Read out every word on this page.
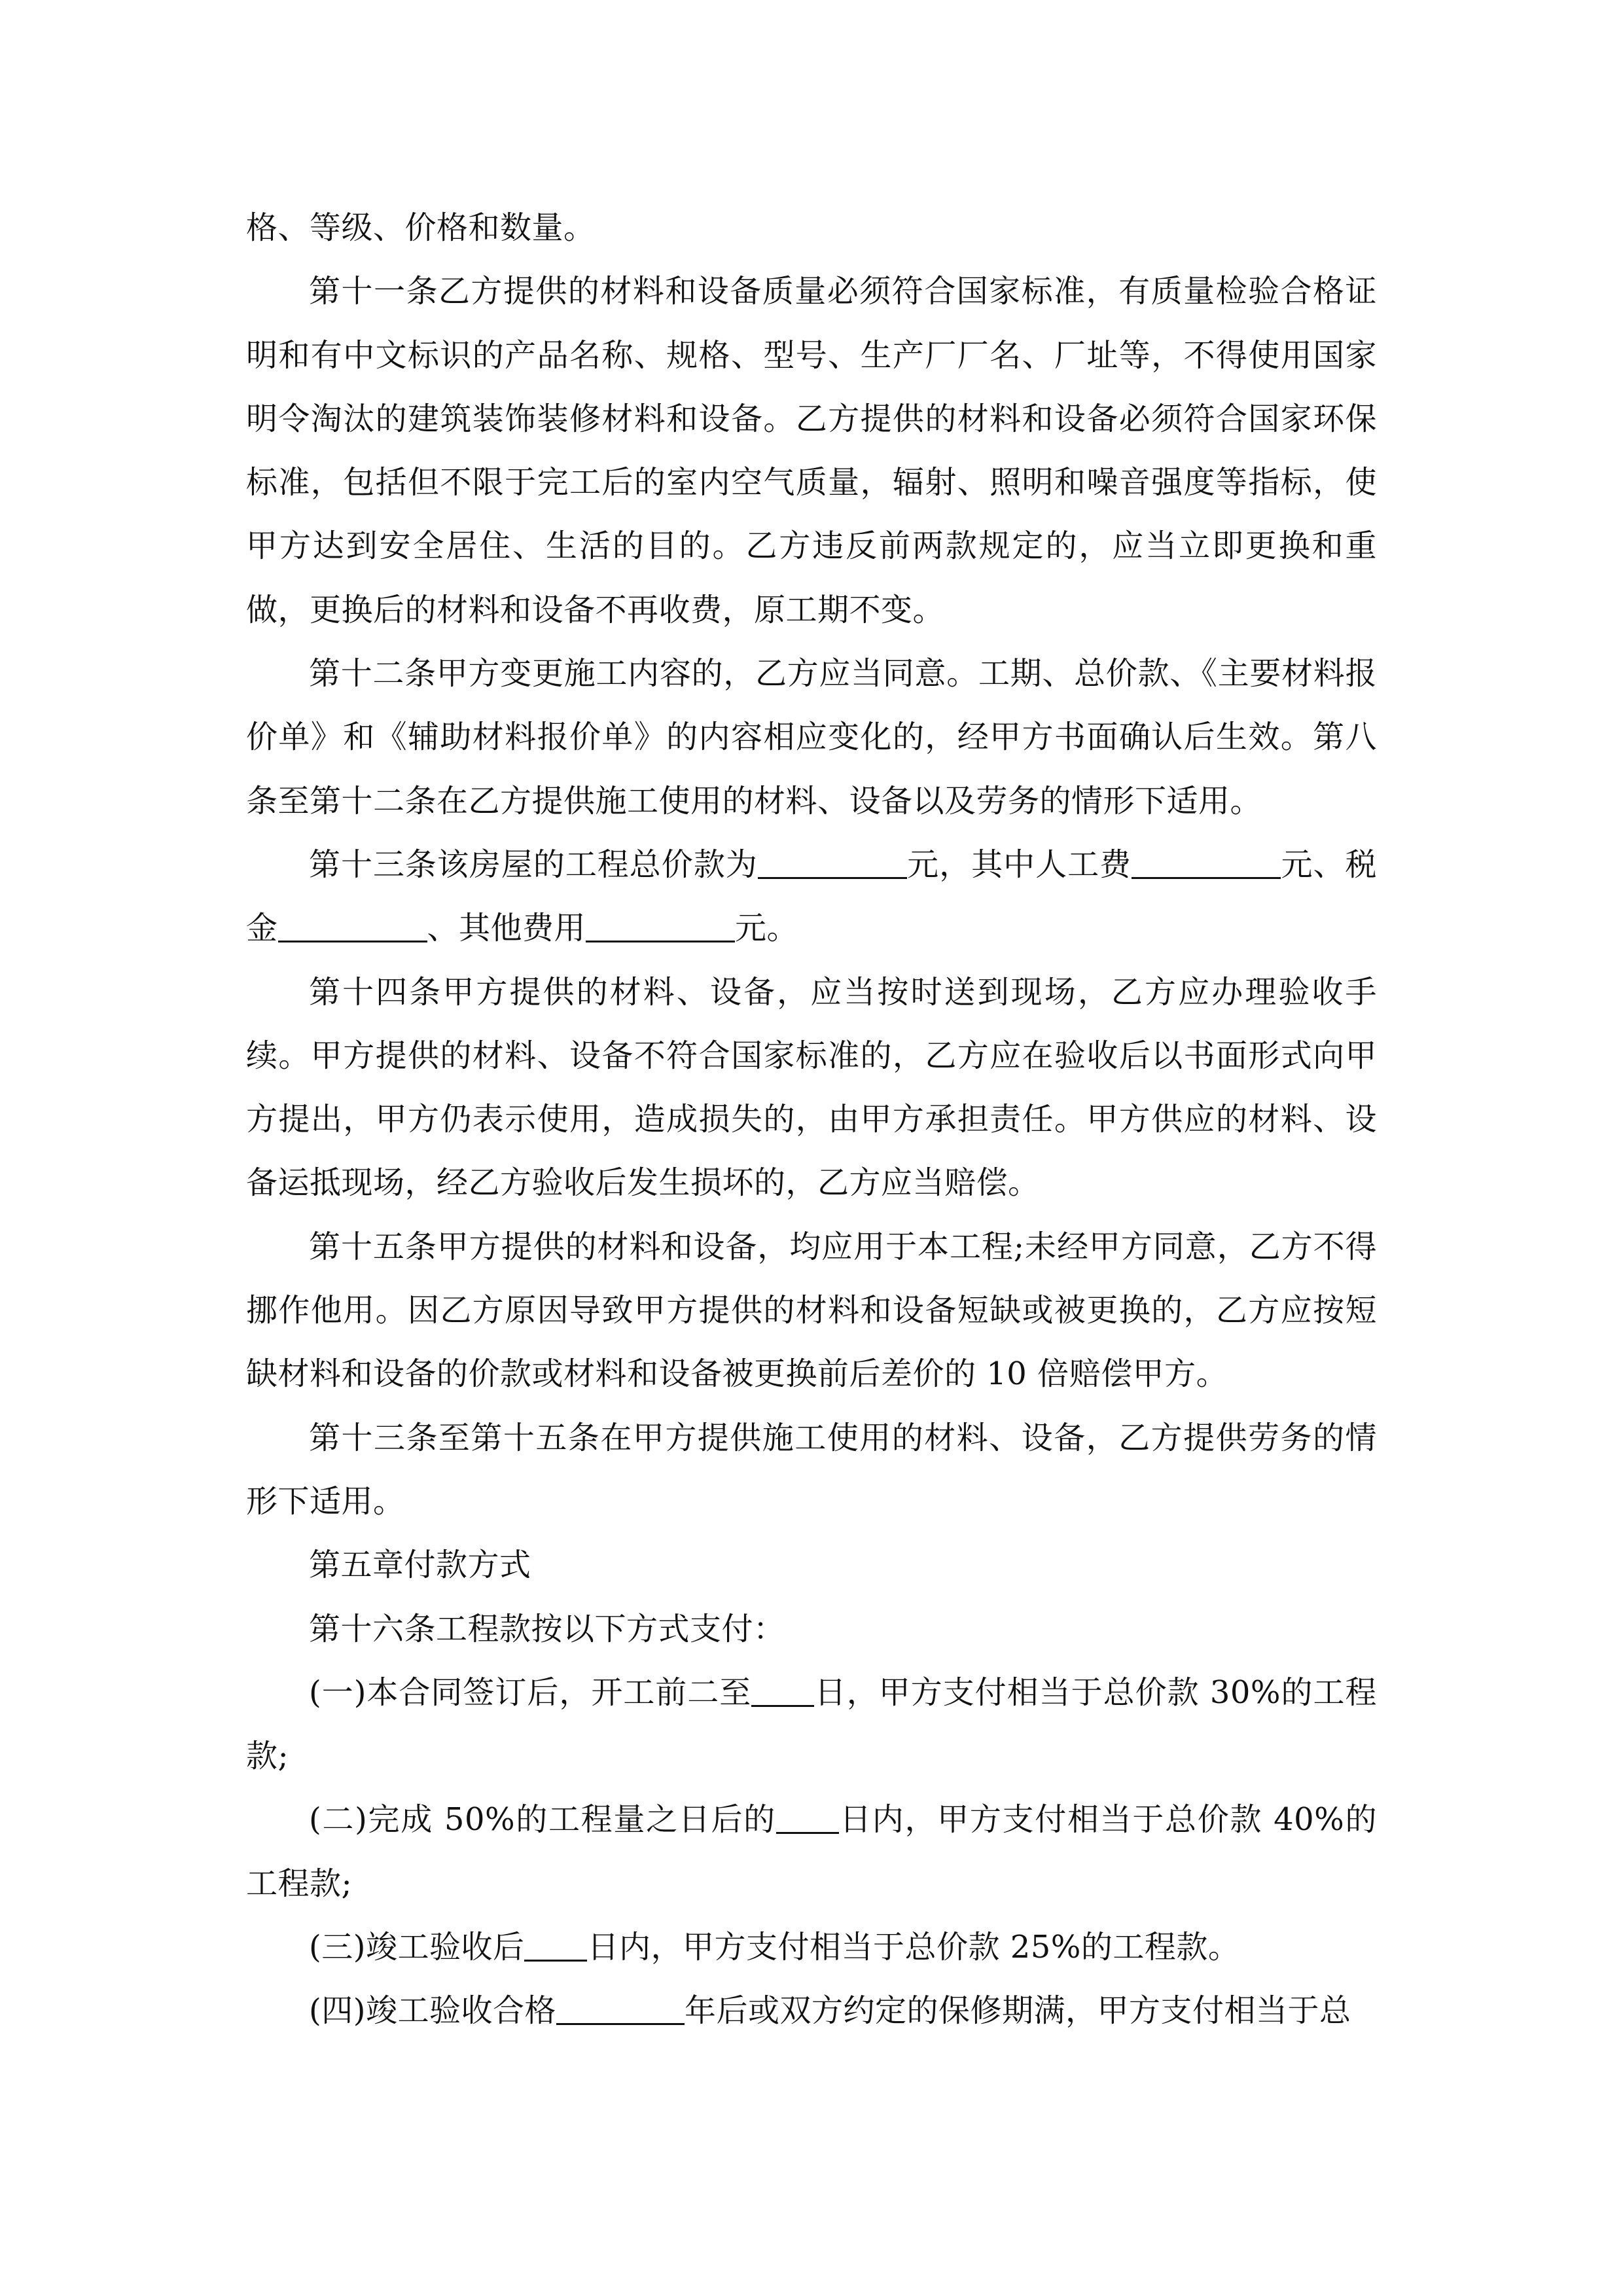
格、等级、价格和数量。

第十一条乙方提供的材料和设备质量必须符合国家标准，有质量检验合格证明和有中文标识的产品名称、规格、型号、生产厂厂名、厂址等，不得使用国家明令淘汰的建筑装饰装修材料和设备。乙方提供的材料和设备必须符合国家环保标准，包括但不限于完工后的室内空气质量，辐射、照明和噪音强度等指标，使甲方达到安全居住、生活的目的。乙方违反前两款规定的，应当立即更换和重做，更换后的材料和设备不再收费，原工期不变。

第十二条甲方变更施工内容的，乙方应当同意。工期、总价款、《主要材料报价单》和《辅助材料报价单》的内容相应变化的，经甲方书面确认后生效。第八条至第十二条在乙方提供施工使用的材料、设备以及劳务的情形下适用。

第十三条该房屋的工程总价款为	元，其中人工费	元、税金	、其他费用	元。

第十四条甲方提供的材料、设备，应当按时送到现场，乙方应办理验收手续。甲方提供的材料、设备不符合国家标准的，乙方应在验收后以书面形式向甲方提出，甲方仍表示使用，造成损失的，由甲方承担责任。甲方供应的材料、设备运抵现场，经乙方验收后发生损坏的，乙方应当赔偿。

第十五条甲方提供的材料和设备，均应用于本工程;未经甲方同意，乙方不得挪作他用。因乙方原因导致甲方提供的材料和设备短缺或被更换的，乙方应按短缺材料和设备的价款或材料和设备被更换前后差价的 10 倍赔偿甲方。

第十三条至第十五条在甲方提供施工使用的材料、设备，乙方提供劳务的情形下适用。

第五章付款方式

第十六条工程款按以下方式支付：

(一)本合同签订后，开工前二至 日，甲方支付相当于总价款 30%的工程款;

(二)完成 50%的工程量之日后的 日内，甲方支付相当于总价款 40%的工程款;

(三)竣工验收后 日内，甲方支付相当于总价款 25%的工程款。

(四)竣工验收合格	年后或双方约定的保修期满，甲方支付相当于总
